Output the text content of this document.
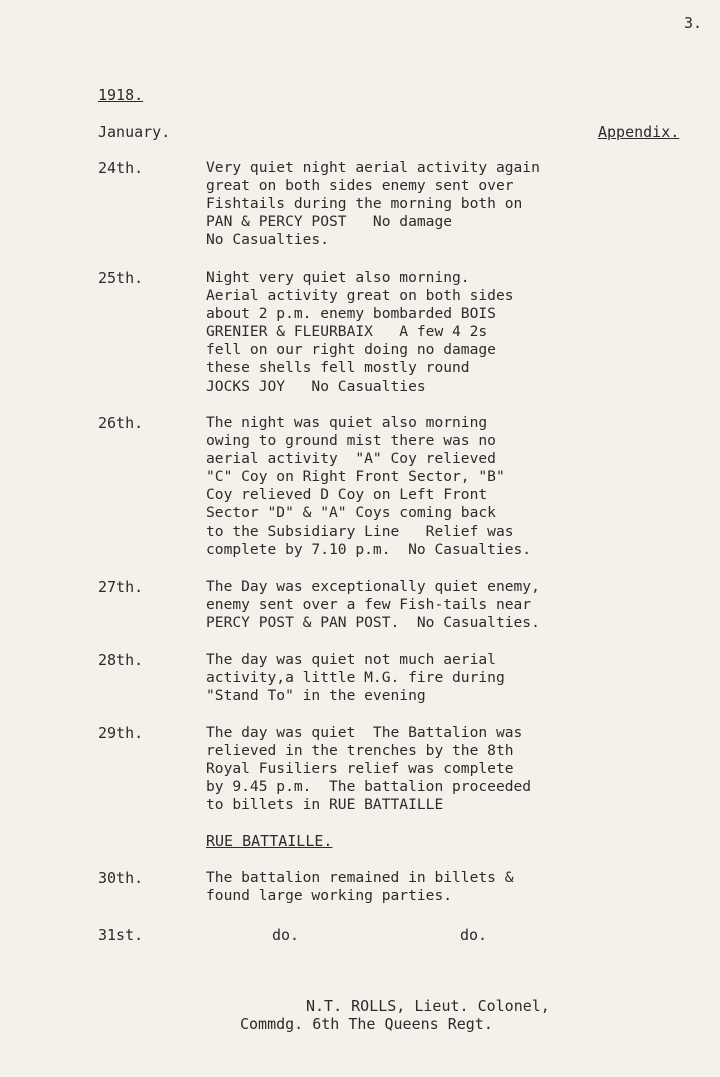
3.
1918.
January.	Appendix.
24th.	Very quiet night aerial activity again
great on both sides enemy sent over
Fishtails during the morning both on
PAN & PERCY POST   No damage
No Casualties.
25th.	Night very quiet also morning.
Aerial activity great on both sides
about 2 p.m. enemy bombarded BOIS
GRENIER & FLEURBAIX   A few 4 2s
fell on our right doing no damage
these shells fell mostly round
JOCKS JOY   No Casualties
26th.	The night was quiet also morning
owing to ground mist there was no
aerial activity  "A" Coy relieved
"C" Coy on Right Front Sector, "B"
Coy relieved D Coy on Left Front
Sector "D" & "A" Coys coming back
to the Subsidiary Line   Relief was
complete by 7.10 p.m.  No Casualties.
27th.	The Day was exceptionally quiet enemy,
enemy sent over a few Fish-tails near
PERCY POST & PAN POST.  No Casualties.
28th.	The day was quiet not much aerial
activity,a little M.G. fire during
"Stand To" in the evening
29th.	The day was quiet  The Battalion was
relieved in the trenches by the 8th
Royal Fusiliers relief was complete
by 9.45 p.m.  The battalion proceeded
to billets in RUE BATTAILLE
RUE BATTAILLE.
30th.	The battalion remained in billets &
found large working parties.
31st.	do.	do.
N.T. ROLLS, Lieut. Colonel,
Commdg. 6th The Queens Regt.
